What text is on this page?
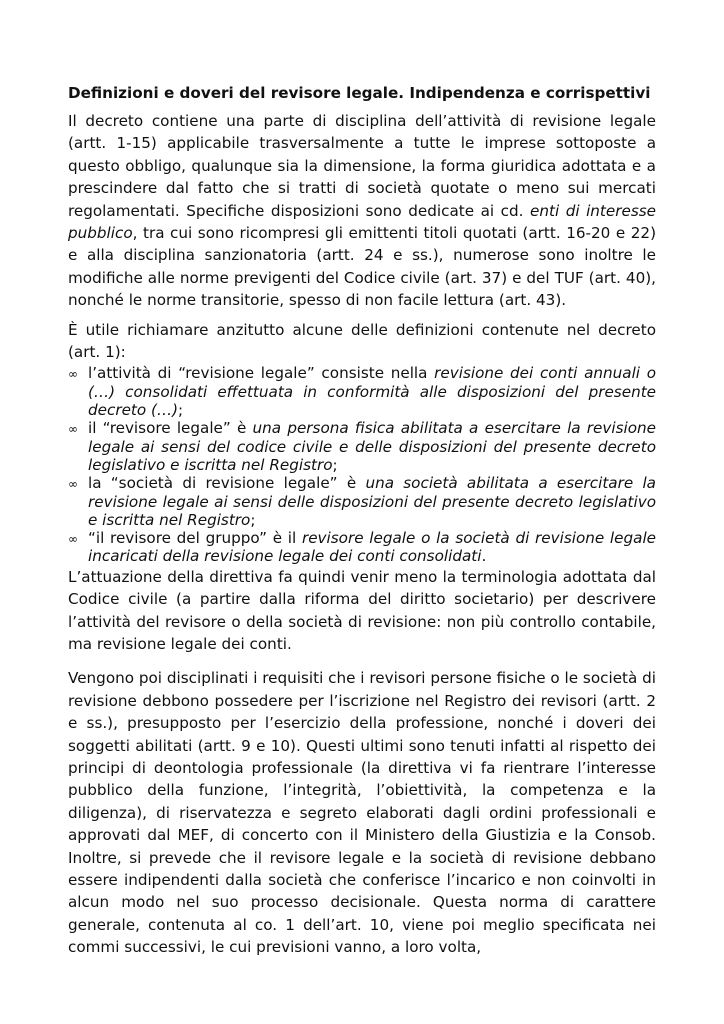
Definizioni e doveri del revisore legale. Indipendenza e corrispettivi

Il decreto contiene una parte di disciplina dell’attività di revisione legale (artt. 1-15) applicabile trasversalmente a tutte le imprese sottoposte a questo obbligo, qualunque sia la dimensione, la forma giuridica adottata e a prescindere dal fatto che si tratti di società quotate o meno sui mercati regolamentati. Specifiche disposizioni sono dedicate ai cd. enti di interesse pubblico, tra cui sono ricompresi gli emittenti titoli quotati (artt. 16-20 e 22) e alla disciplina sanzionatoria (artt. 24 e ss.), numerose sono inoltre le modifiche alle norme previgenti del Codice civile (art. 37) e del TUF (art. 40), nonché le norme transitorie, spesso di non facile lettura (art. 43).

È utile richiamare anzitutto alcune delle definizioni contenute nel decreto (art. 1):

∞ l’attività di “revisione legale” consiste nella revisione dei conti annuali o (…) consolidati effettuata in conformità alle disposizioni del presente decreto (…);
∞ il “revisore legale” è una persona fisica abilitata a esercitare la revisione legale ai sensi del codice civile e delle disposizioni del presente decreto legislativo e iscritta nel Registro;
∞ la “società di revisione legale” è una società abilitata a esercitare la revisione legale ai sensi delle disposizioni del presente decreto legislativo e iscritta nel Registro;
∞ “il revisore del gruppo” è il revisore legale o la società di revisione legale incaricati della revisione legale dei conti consolidati.

L’attuazione della direttiva fa quindi venir meno la terminologia adottata dal Codice civile (a partire dalla riforma del diritto societario) per descrivere l’attività del revisore o della società di revisione: non più controllo contabile, ma revisione legale dei conti.

Vengono poi disciplinati i requisiti che i revisori persone fisiche o le società di revisione debbono possedere per l’iscrizione nel Registro dei revisori (artt. 2 e ss.), presupposto per l’esercizio della professione, nonché i doveri dei soggetti abilitati (artt. 9 e 10). Questi ultimi sono tenuti infatti al rispetto dei principi di deontologia professionale (la direttiva vi fa rientrare l’interesse pubblico della funzione, l’integrità, l’obiettività, la competenza e la diligenza), di riservatezza e segreto elaborati dagli ordini professionali e approvati dal MEF, di concerto con il Ministero della Giustizia e la Consob. Inoltre, si prevede che il revisore legale e la società di revisione debbano essere indipendenti dalla società che conferisce l’incarico e non coinvolti in alcun modo nel suo processo decisionale. Questa norma di carattere generale, contenuta al co. 1 dell’art. 10, viene poi meglio specificata nei commi successivi, le cui previsioni vanno, a loro volta,
